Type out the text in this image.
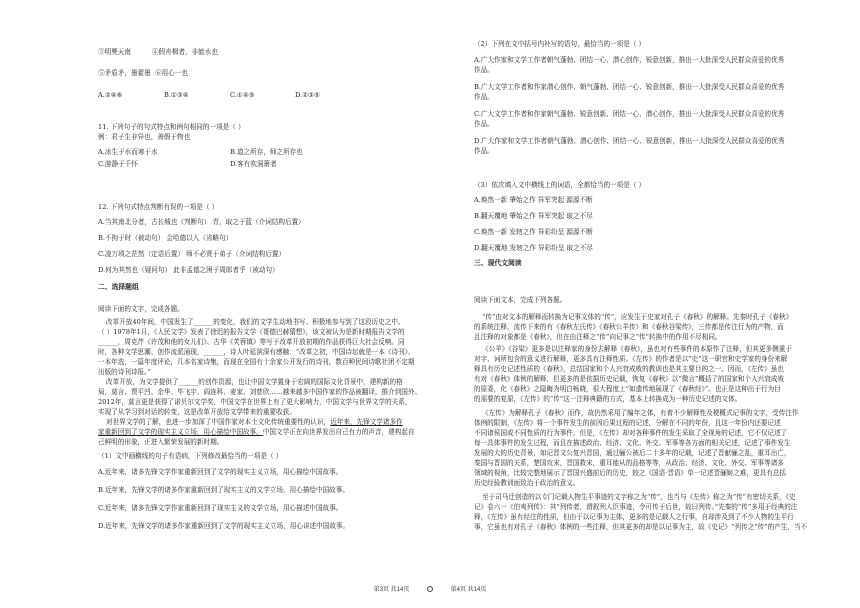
③明僰天南	④假舟楫者，非能水也
⑤矛盾矛，墨翟墨 ⑥用心一也
A.②④⑥	B.①③④	C.①④⑤	D.②③⑤
11. 下列句子的句式特点和例句相同的一项是（ ）
例：君子生非异也，善假于物也
A.冰生于水而寒于水	B.道之所存，师之所存也
C.游静于千怀	D.客有吹洞箫者
12. 下列句式特点判断有误的一项是（ ）
A.当其南北分者，古长城也（判断句） 青，取之于蓝（介词结构后置）
B.不拘于时（被动句） 会哈德以入（省略句）
C.凌万顷之茫然（定语后置） 师不必贤于弟子（介词结构后置）
D.何为其然也（疑问句） 此非孟德之困于周郎者乎（被动句）
二、选择题组
阅读下面的文字，完成各题。
改革开放40年间，中国发生了______的变化，我们的文学生动地书写、积极地参与到了这段历史之中。
（ ）1978年1月，《人民文学》发表了徐迟的报告文学《哥德巴赫猜想》，该文被认为是新时期报告文学的
______，周克芹《许茂和他的女儿们》、古华《芙蓉镇》等写于改革开放初期的作品获得巨大社会反响。同
时，各种文学思潮、创作流派涌现，______，诗人叶延滨深有感触：“改革之初，中国诗坛就是一本《诗刊》、
一本年选，一篇年度评论，几本名家诗集，而现在全国有十余家公开发行的诗刊，数百种民间诗歌社团不定期
出版的诗刊诗报。”
改革开放，为文学提供了______的创作资源，也让中国文学置身于宏阔的国际文化背景中，建构新的格
局，莫言、贾平凹、余华、毕飞宇、阎连科、麦家、刘慈欣……越来越多中国作家的作品被翻译，推介到国外。
2012年，莫言更是获得了诺贝尔文学奖，中国文学在世界上有了更大影响力，中国文学与世界文学的关系，
实现了从学习到对话的转变，这是改革开放给文学带来的重要收获。
对世界文学的了解，也进一步加深了中国作家对本土文化传统重要性的认识，近年来，先锋文学诸多作
家重新回到了文学的现实主义立场，用心描绘中国故事。中国文学正在向世界发出自己有力的声音，建构起自
己鲜明的形象，正进入繁荣发展的新时期。
（1）文中画横线的句子有语病，下列修改最恰当的一项是（ ）
A.近年来，诸多先锋文学作家重新回到了文学的现实主义立场，用心描绘中国故事。
B.近年来，先锋文学的诸多作家重新回到了现实主义的文学立场，用心描绘中国故事。
C.近年来，诸多先锋文学作家重新回到了现实主义的文学立场，用心描述中国故事。
D.近年来，先锋文学的诸多作家重新回到了文学的现实主义立场，用心讲述中国故事。
（2）下列在文中括号内补写的语句，最恰当的一项是（ ）
A.广大作家和文学工作者朝气蓬勃、团结一心、潜心创作、锐意创新，推出一大批深受人民群众喜爱的优秀
作品。
B.广大文学工作者和作家潜心创作、朝气蓬勃、团结一心、锐意创新，推出一大批深受人民群众喜爱的优秀
作品。
C.广大文学工作者和作家朝气蓬勃、锐意创新、团结一心、潜心创作，推出一大批深受人民群众喜爱的优秀
作品。
D.广大作家和文学工作者朝气蓬勃、潜心创作、团结一心、锐意创新，推出一大批深受人民群众喜爱的优秀
作品。
（3）依次填入文中横线上的词语，全都恰当的一项是（ ）
A.焕然一新 肇始之作 异军突起 源源不断
B.翻天覆地 肇始之作 异军突起 取之不尽
C.焕然一新 发轫之作 异彩纷呈 源源不断
D.翻天覆地 发轫之作 异彩纷呈 取之不尽
三、现代文阅读
阅读下面文本，完成下列各题。
“传”由对文本的解释而转换为记事文体的“传”，应发生于史家对孔子《春秋》的解释。先秦时孔子《春秋》
的系统注释，流传下来的有《春秋左氏传》《春秋公羊传》和《春秋谷梁传》，三传都是传注行为的产物，而
且注释的对象都是《春秋》，但在由注释之“传”向记事之“传”转换中的作用不尽相同。
《公羊》《谷梁》更多是以注释家的身份去解释《春秋》，虽也对有些事件的本原作了注释，但其更多侧重于
对字、词所包含的意义进行解释，更多具有注释性质。《左传》的作者是以“史”这一职官和史学家的身份来解
释具有历史记述性质的《春秋》，总结国家和个人兴衰成败的教训也是其主要目的之一。因而，《左传》虽也
有对《春秋》体例的解释，但更多的是依据历史记载，恢复《春秋》以“微言”概括了的国家和个人兴衰成败
的原委，化《春秋》之隐晦为明白畅晓，很大程度上“如遗传地展现了《春秋经》”。也正是这种出于行为目
的需要的复原，《左传》的“传”这一注释典籍的方式，基本上转换成为一种历史记述的文体。
《左传》为解释孔子《春秋》而作，故仍然采用了编年之体，有着不少解释性及梗概式记事的文字，受传注作
体例的限制，《左传》将一个事件发生的前因后果过程的记述，分解在不同的年份，且这一年份内还要记述
不同诸侯国或不同性质的行为事件，但是，《左传》却对各种事件的发生采取了全视角的记述，它不仅记述了
每一具体事件的发生过程，而且在描述政治、经济、文化、外交、军事等各方面的相关记述，记述了事件发生
发展的大的历史背景，如记晋文公复兴晋国，通过骊公被后二十多年的记载，记述了晋献骊之乱，重耳出亡，
秦国与晋国的关系，楚国攻宋，晋国救宋，重耳能从的品格等等，从政治、经济、文化、外交、军事等诸多
领域的视角，比较完整地展示了晋国兴盛前后的历史，较之《国语·晋语》单一记述晋骊姬之难，更具有总括
历史经验教训面致治于政治的意义。
至于司马迁创造的以专门记载人物生平事迹的文字称之为“传”，也当与《左传》称之为“传”有密切关系，《史
记》卷六一《伯夷列传》：其“列传者，谓叙列人臣事迹，令可传于后世，故曰列传。”先秦的“传”多用于经典的注
释，《左传》虽有经注的性质，但由于以记事为主体，更多的是记载人之行事，自却涉及到了不少人物的生平行
事，它虽也有对孔子《春秋》体例的一些注释，但其更多的却是以记事为主，故《史记》“列传之“传”的产生，当不
第3页 共14页	第4页 共14页
